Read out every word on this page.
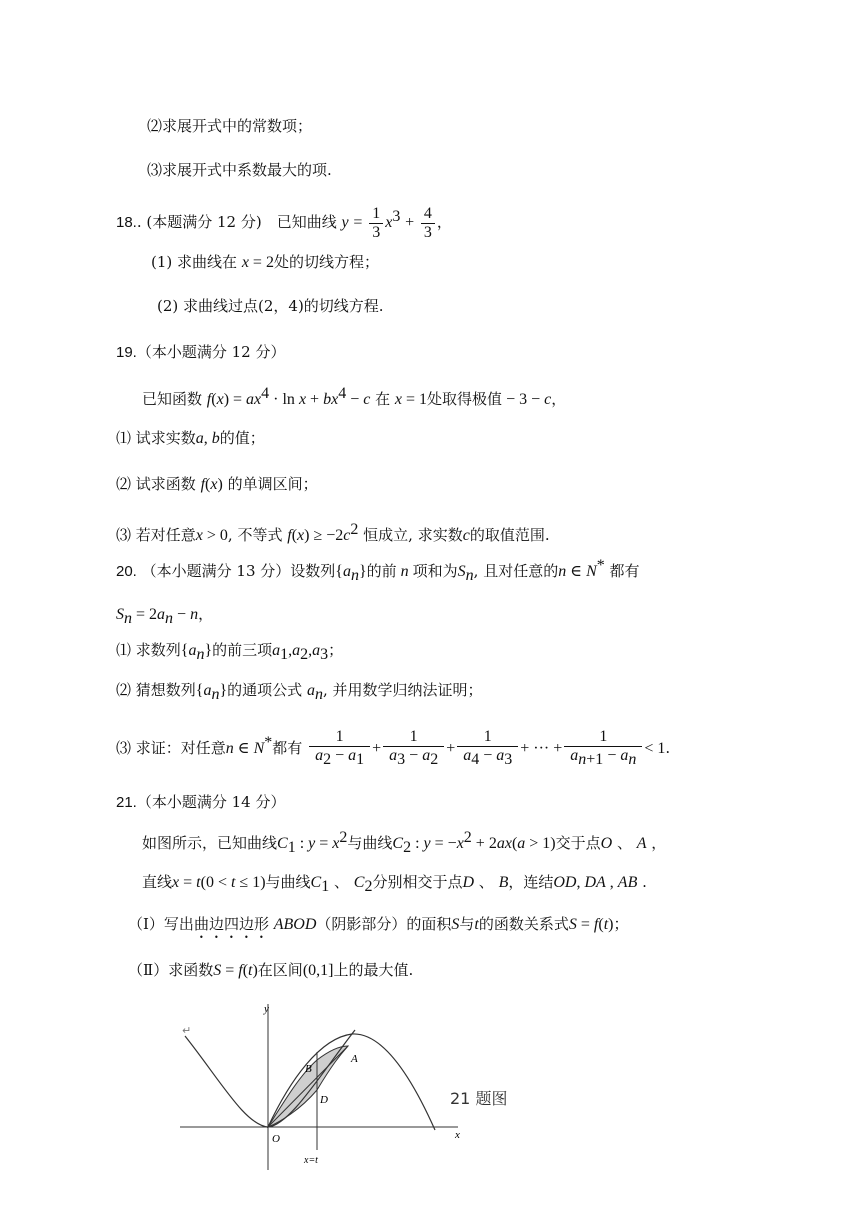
⑵求展开式中的常数项；
⑶求展开式中系数最大的项.
18.. (本题满分 12 分)　已知曲线 $y = \frac{1}{3} x^3 + \frac{4}{3}$ ，
(1) 求曲线在 x = 2处的切线方程；
(2) 求曲线过点(2，4)的切线方程.
19.（本小题满分 12 分）
已知函数 $f(x) = ax^4 \cdot \ln x + bx^4 - c$ 在 x = 1处取得极值 − 3 − c，
⑴ 试求实数a, b的值；
⑵ 试求函数 f(x) 的单调区间；
⑶ 若对任意x > 0, 不等式 $f(x) \ge -2c^2$ 恒成立, 求实数c的取值范围.
20. （本小题满分 13 分）设数列$\{a_n\}$的前 n 项和为$S_n$, 且对任意的n ∈ N* 都有
$S_n = 2a_n - n$，
⑴ 求数列$\{a_n\}$的前三项$a_1,a_2,a_3$；
⑵ 猜想数列$\{a_n\}$的通项公式 $a_n$, 并用数学归纳法证明；
⑶ 求证：对任意n ∈ N*都有 $\frac{1}{a_2 - a_1} + \frac{1}{a_3 - a_2} + \frac{1}{a_4 - a_3}$ + ··· + $\frac{1}{a_{n+1} - a_n} < 1$.
21.（本小题满分 14 分）
如图所示，已知曲线$C_1$ : $y = x^2$与曲线$C_2$ : $y = -x^2 + 2ax(a > 1)$交于点O 、 A ，
直线x = t(0 < t ≤ 1)与曲线$C_1$ 、 $C_2$分别相交于点D 、 B，连结OD, DA , AB .
（Ⅰ）写出曲边四边形 ABOD（阴影部分）的面积S与t的函数关系式S = f(t)；
（Ⅱ）求函数S = f(t)在区间(0,1]上的最大值.
↵
y
x
x=t
O
A
B
D	21 题图
